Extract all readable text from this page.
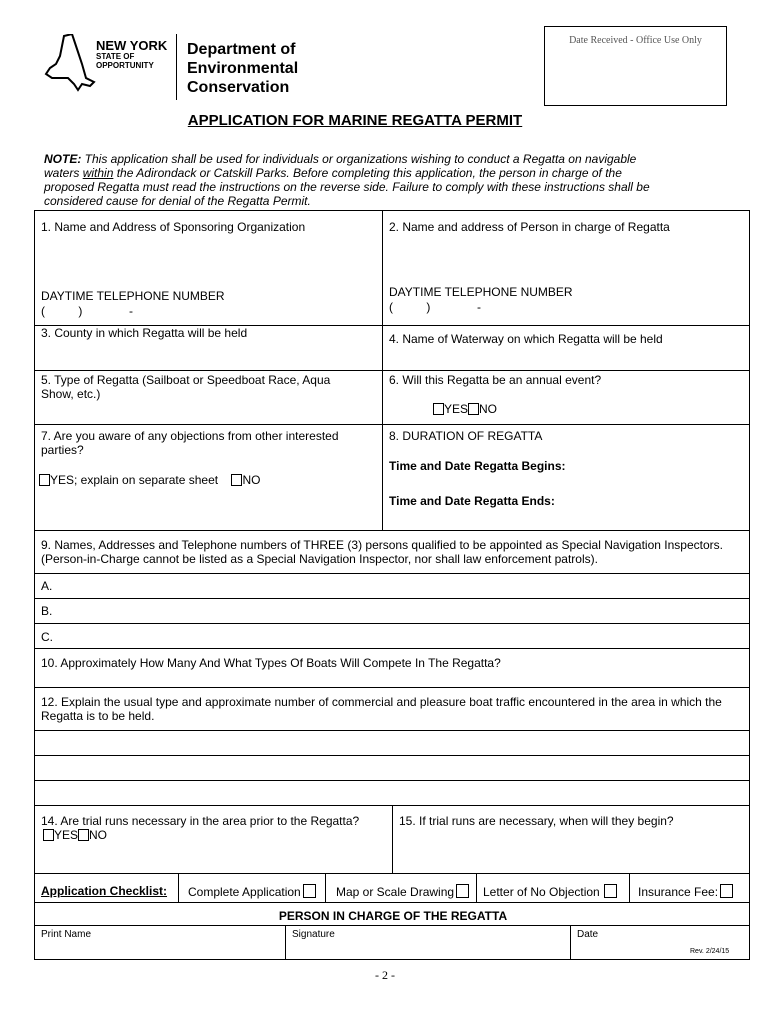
Date Received - Office Use Only
NEW YORK
STATE OF
OPPORTUNITY
Department of
Environmental
Conservation
APPLICATION FOR MARINE REGATTA PERMIT
NOTE: This application shall be used for individuals or organizations wishing to conduct a Regatta on navigable waters within the Adirondack or Catskill Parks. Before completing this application, the person in charge of the proposed Regatta must read the instructions on the reverse side. Failure to comply with these instructions shall be considered cause for denial of the Regatta Permit.
1. Name and Address of Sponsoring Organization
DAYTIME TELEPHONE NUMBER
(          )              -
2. Name and address of Person in charge of Regatta
DAYTIME TELEPHONE NUMBER
(          )              -
3. County in which Regatta will be held	4. Name of Waterway on which Regatta will be held
5. Type of Regatta (Sailboat or Speedboat Race, Aqua Show, etc.)
6. Will this Regatta be an annual event?
YES NO
7. Are you aware of any objections from other interested parties?
YES; explain on separate sheet NO
8. DURATION OF REGATTA
Time and Date Regatta Begins:
Time and Date Regatta Ends:
9. Names, Addresses and Telephone numbers of THREE (3) persons qualified to be appointed as Special Navigation Inspectors. (Person-in-Charge cannot be listed as a Special Navigation Inspector, nor shall law enforcement patrols).
A.
B.
C.
10. Approximately How Many And What Types Of Boats Will Compete In The Regatta?
12. Explain the usual type and approximate number of commercial and pleasure boat traffic encountered in the area in which the Regatta is to be held.
14. Are trial runs necessary in the area prior to the Regatta?
YES NO
15. If trial runs are necessary, when will they begin?
Application Checklist: Complete Application	Map or Scale Drawing	Letter of No Objection	Insurance Fee:
PERSON IN CHARGE OF THE REGATTA
Print Name	Signature	Date
Rev. 2/24/15
- 2 -
